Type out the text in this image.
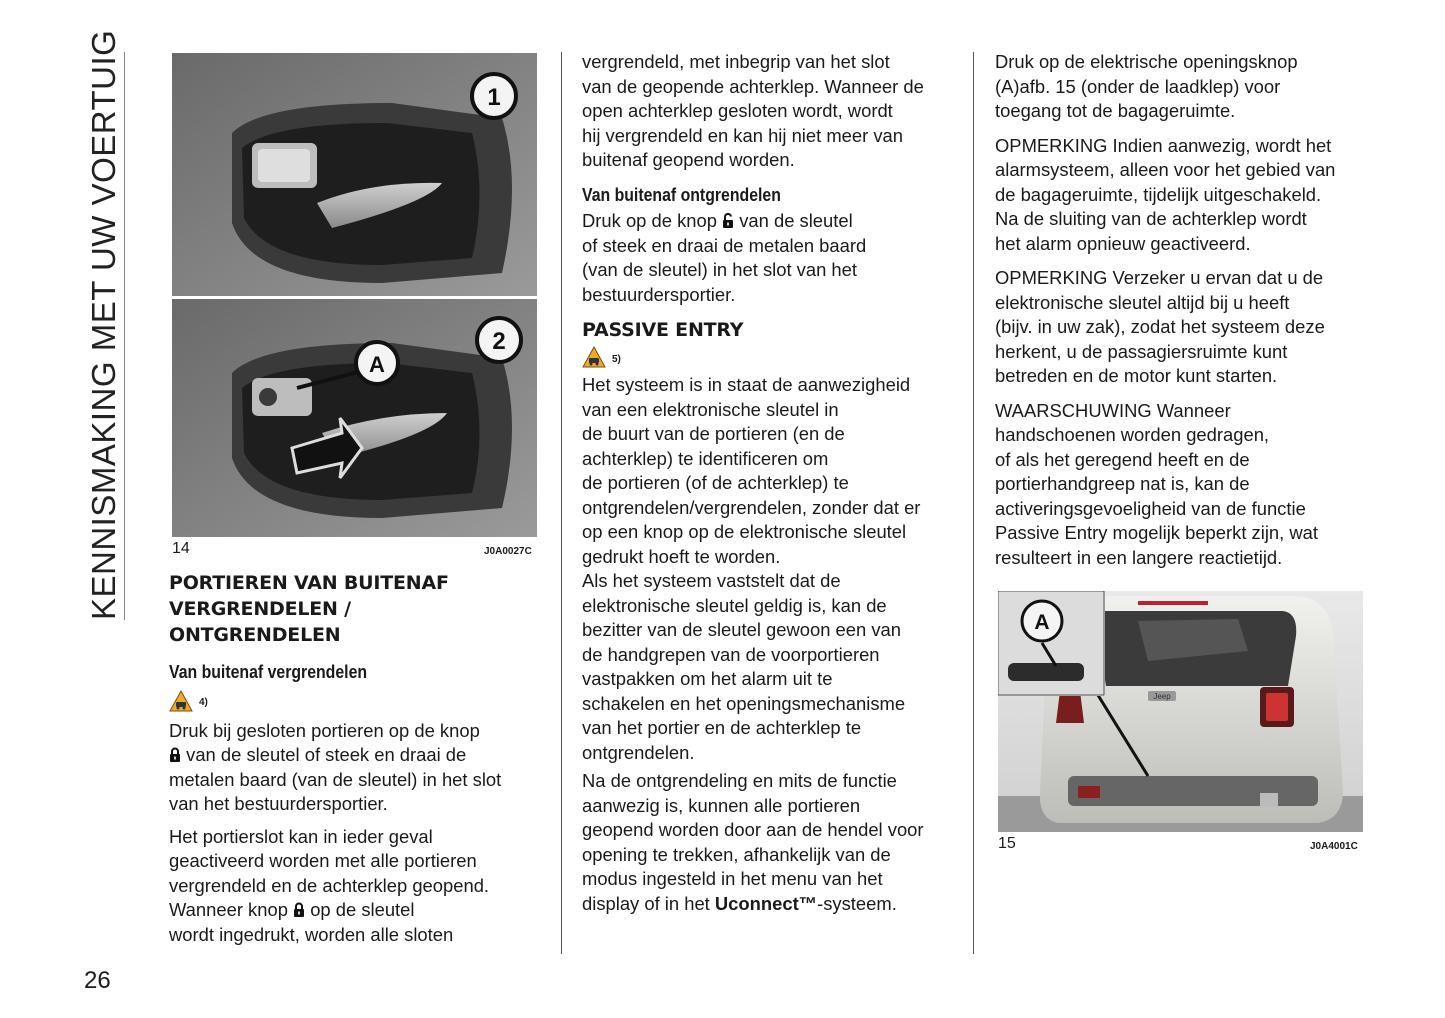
KENNISMAKING MET UW VOERTUIG	1
A
2
14	J0A0027C
PORTIEREN VAN BUITENAF
VERGRENDELEN /
ONTGRENDELEN
Van buitenaf vergrendelen
4)
Druk bij gesloten portieren op de knop
van de sleutel of steek en draai de
metalen baard (van de sleutel) in het slot
van het bestuurdersportier.
Het portierslot kan in ieder geval
geactiveerd worden met alle portieren
vergrendeld en de achterklep geopend.
Wanneer knop op de sleutel
wordt ingedrukt, worden alle sloten
vergrendeld, met inbegrip van het slot
van de geopende achterklep. Wanneer de
open achterklep gesloten wordt, wordt
hij vergrendeld en kan hij niet meer van
buitenaf geopend worden.
Van buitenaf ontgrendelen
Druk op de knop van de sleutel
of steek en draai de metalen baard
(van de sleutel) in het slot van het
bestuurdersportier.
PASSIVE ENTRY
5)
Het systeem is in staat de aanwezigheid
van een elektronische sleutel in
de buurt van de portieren (en de
achterklep) te identificeren om
de portieren (of de achterklep) te
ontgrendelen/vergrendelen, zonder dat er
op een knop op de elektronische sleutel
gedrukt hoeft te worden.
Als het systeem vaststelt dat de
elektronische sleutel geldig is, kan de
bezitter van de sleutel gewoon een van
de handgrepen van de voorportieren
vastpakken om het alarm uit te
schakelen en het openingsmechanisme
van het portier en de achterklep te
ontgrendelen.
Na de ontgrendeling en mits de functie
aanwezig is, kunnen alle portieren
geopend worden door aan de hendel voor
opening te trekken, afhankelijk van de
modus ingesteld in het menu van het
display of in het Uconnect™-systeem.
Druk op de elektrische openingsknop
(A)afb. 15 (onder de laadklep) voor
toegang tot de bagageruimte.
OPMERKING Indien aanwezig, wordt het
alarmsysteem, alleen voor het gebied van
de bagageruimte, tijdelijk uitgeschakeld.
Na de sluiting van de achterklep wordt
het alarm opnieuw geactiveerd.
OPMERKING Verzeker u ervan dat u de
elektronische sleutel altijd bij u heeft
(bijv. in uw zak), zodat het systeem deze
herkent, u de passagiersruimte kunt
betreden en de motor kunt starten.
WAARSCHUWING Wanneer
handschoenen worden gedragen,
of als het geregend heeft en de
portierhandgreep nat is, kan de
activeringsgevoeligheid van de functie
Passive Entry mogelijk beperkt zijn, wat
resulteert in een langere reactietijd.
Jeep
A
15	J0A4001C
26
